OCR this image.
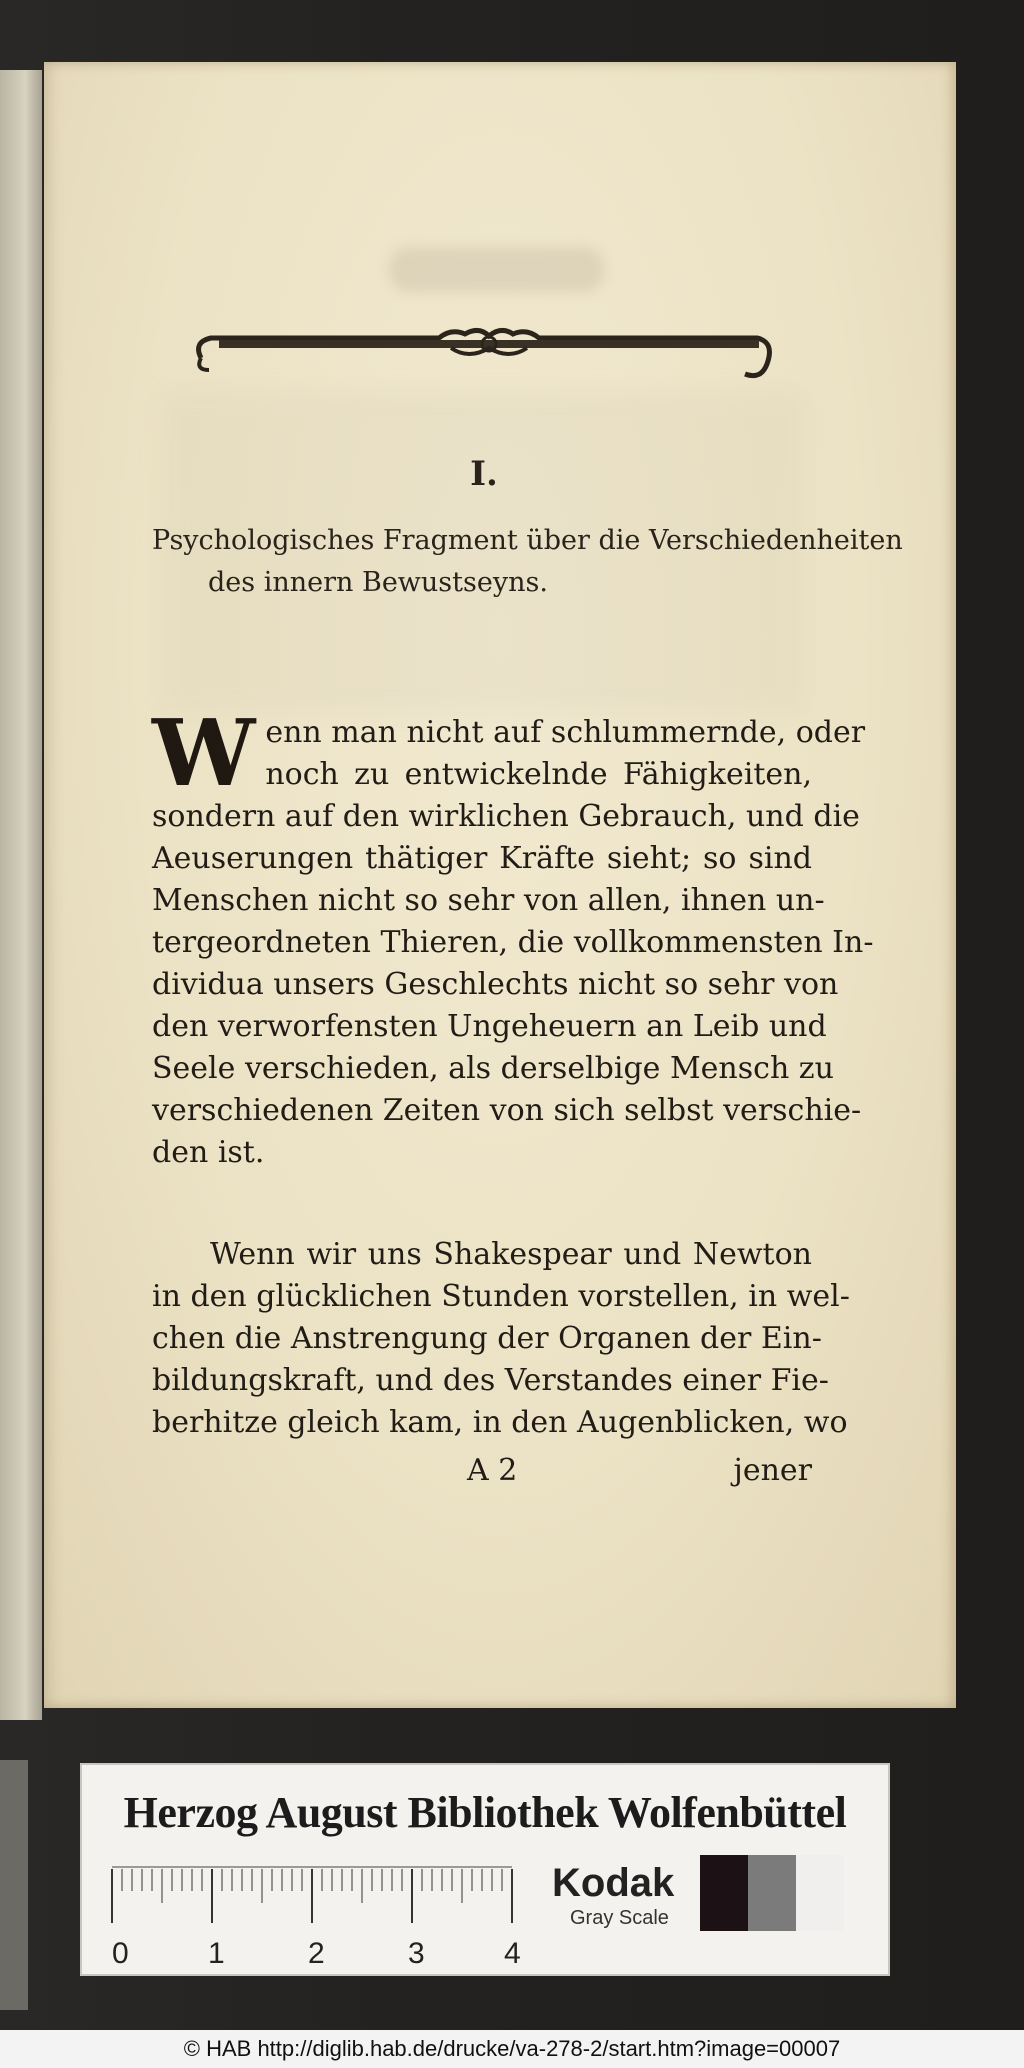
I.
Psychologisches Fragment über die Verschiedenheiten
des innern Bewustseyns.
W enn man nicht auf schlummernde, oder
noch zu entwickelnde Fähigkeiten,
sondern auf den wirklichen Gebrauch, und die
Aeuserungen thätiger Kräfte sieht; so sind
Menschen nicht so sehr von allen, ihnen un-
tergeordneten Thieren, die vollkommensten In-
dividua unsers Geschlechts nicht so sehr von
den verworfensten Ungeheuern an Leib und
Seele verschieden, als derselbige Mensch zu
verschiedenen Zeiten von sich selbst verschie-
den ist.
Wenn wir uns Shakespear und Newton
in den glücklichen Stunden vorstellen, in wel-
chen die Anstrengung der Organen der Ein-
bildungskraft, und des Verstandes einer Fie-
berhitze gleich kam, in den Augenblicken, wo
A 2	jener
Herzog August Bibliothek Wolfenbüttel
0	1	2	3	4
Kodak
Gray Scale
© HAB http://diglib.hab.de/drucke/va-278-2/start.htm?image=00007
